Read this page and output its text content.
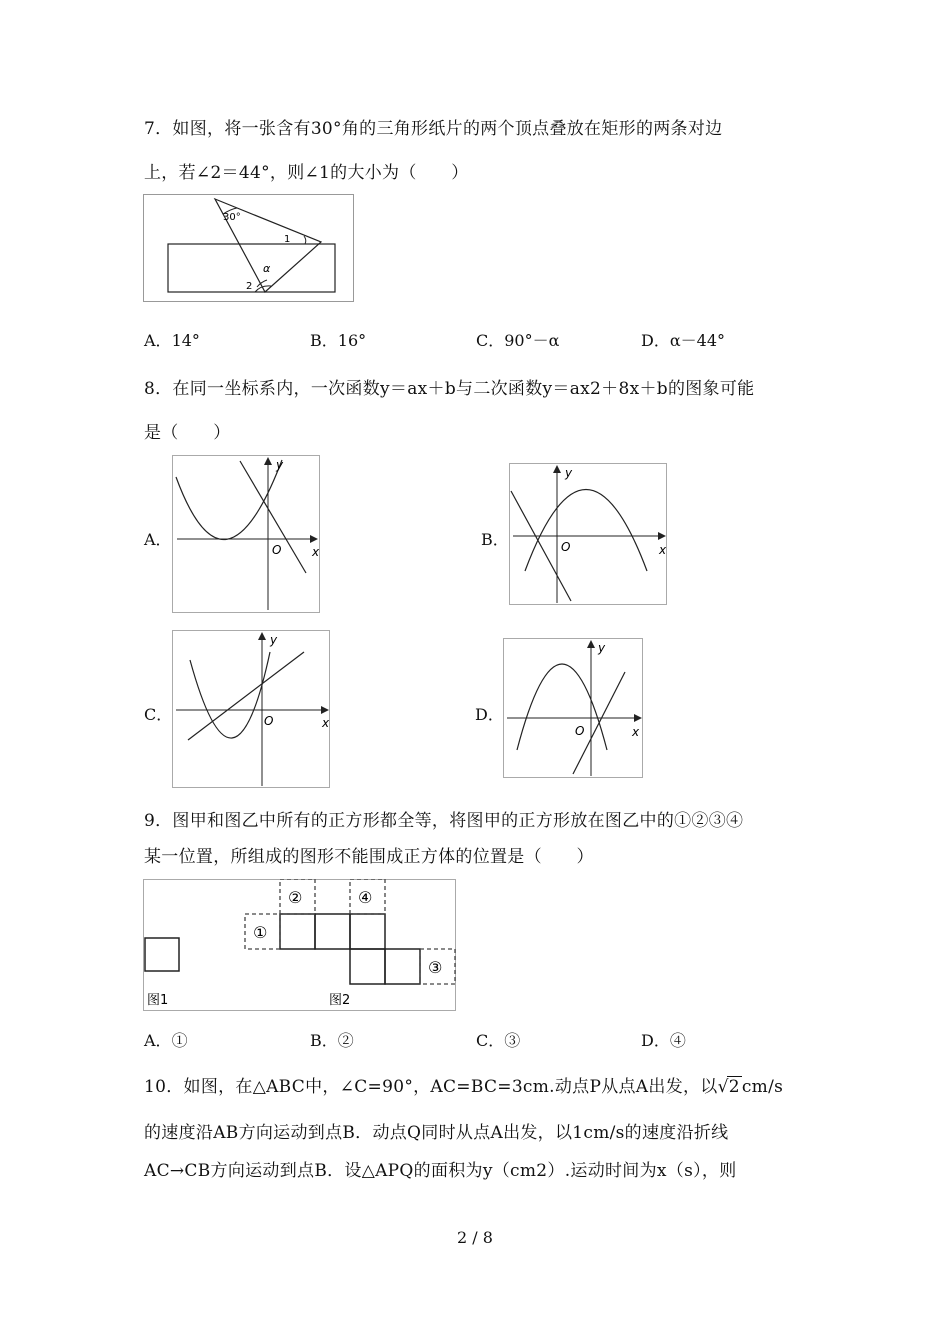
7．如图，将一张含有30°角的三角形纸片的两个顶点叠放在矩形的两条对边
上，若∠2＝44°，则∠1的大小为（　　）
30°
1
α
2
A．14°	B．16°	C．90°－α	D．α－44°
8．在同一坐标系内，一次函数y＝ax＋b与二次函数y＝ax2＋8x＋b的图象可能
是（　　）
A．
y
x
O
B．
y
x
O
C．
y
x
O	D．
y
x
O
9．图甲和图乙中所有的正方形都全等，将图甲的正方形放在图乙中的①②③④
某一位置，所组成的图形不能围成正方体的位置是（　　）
①
②	④
③
图1	图2
A．①	B．②	C．③	D．④
10．如图，在△ABC中，∠C=90°，AC=BC=3cm.动点P从点A出发，以√2 cm/s
的速度沿AB方向运动到点B．动点Q同时从点A出发，以1cm/s的速度沿折线
AC→CB方向运动到点B．设△APQ的面积为y（cm2）.运动时间为x（s），则
2 / 8
